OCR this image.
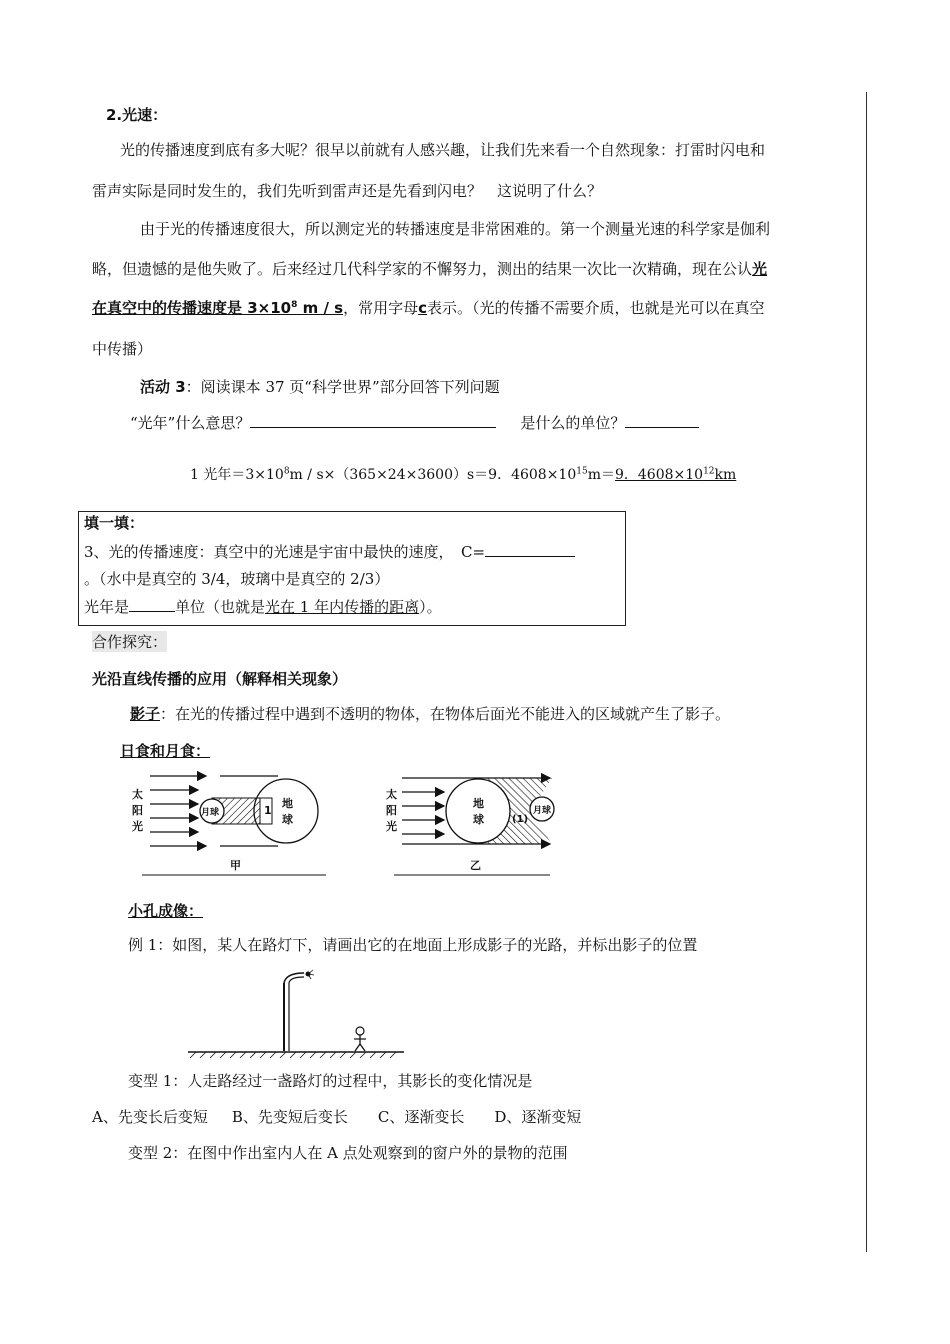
2.光速：
光的传播速度到底有多大呢？很早以前就有人感兴趣，让我们先来看一个自然现象：打雷时闪电和
雷声实际是同时发生的，我们先听到雷声还是先看到闪电？　这说明了什么？
由于光的传播速度很大，所以测定光的转播速度是非常困难的。第一个测量光速的科学家是伽利
略，但遗憾的是他失败了。后来经过几代科学家的不懈努力，测出的结果一次比一次精确，现在公认光
在真空中的传播速度是 $3\times 10^8$ m / s，常用字母c表示。（光的传播不需要介质，也就是光可以在真空
中传播）
活动 3：阅读课本 37 页“科学世界”部分回答下列问题
“光年”什么意思？	是什么的单位？
1 光年$=3\times 10^8m / s\times(365\times 24\times 3600)s=9$．$4608\times 10^{15}m=9$．$4608\times 10^{12}km$
填一填：
3、光的传播速度：真空中的光速是宇宙中最快的速度，　C=
。（水中是真空的 3/4，玻璃中是真空的 2/3）
光年是	单位（也就是光在 1 年内传播的距离）。
合作探究：
光沿直线传播的应用（解释相关现象）
影子：在光的传播过程中遇到不透明的物体，在物体后面光不能进入的区域就产生了影子。
日食和月食：
太
阳
光
月球	1
地
球
甲
太
阳
光
地
球	(1)
月球
乙
小孔成像：
例 1：如图，某人在路灯下，请画出它的在地面上形成影子的光路，并标出影子的位置
变型 1：人走路经过一盏路灯的过程中，其影长的变化情况是
A、先变长后变短 B、先变短后变长 C、逐渐变长 D、逐渐变短
变型 2：在图中作出室内人在 A 点处观察到的窗户外的景物的范围
